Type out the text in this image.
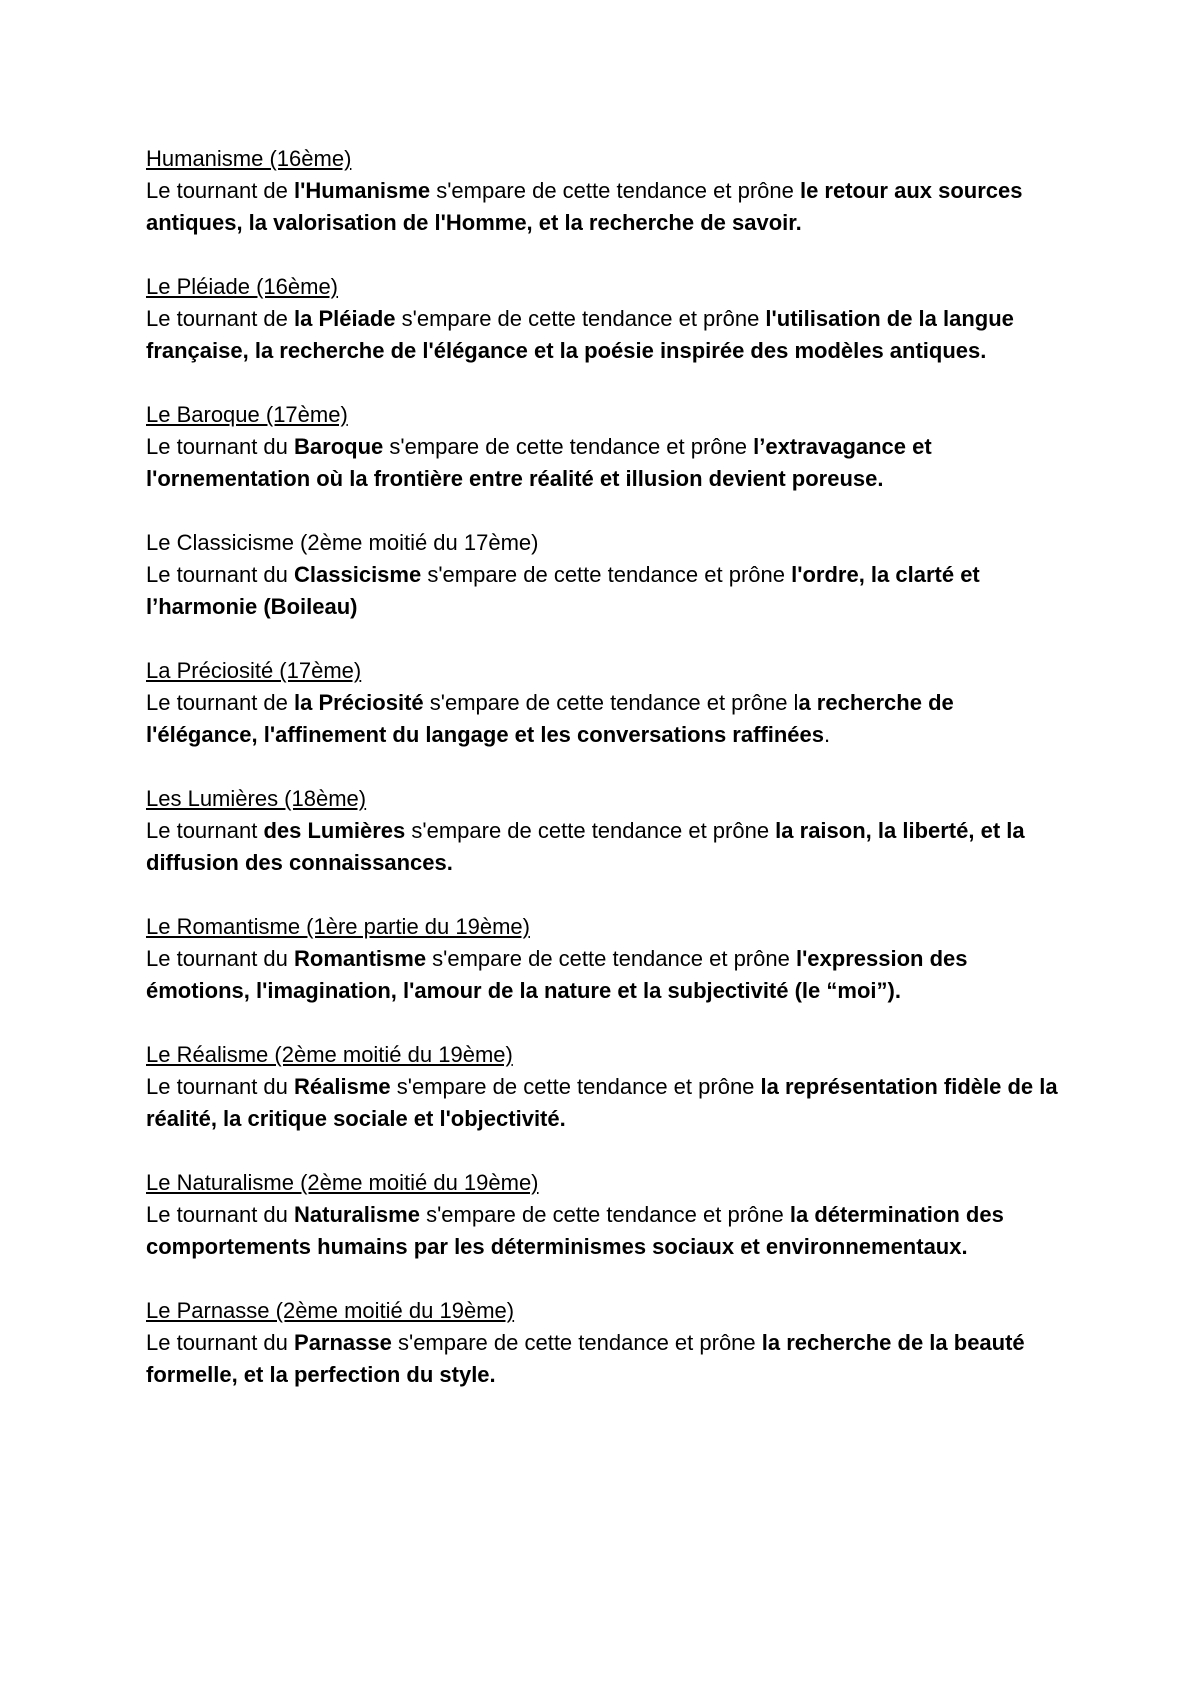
Humanisme (16ème)
Le tournant de l'Humanisme s'empare de cette tendance et prône le retour aux sources antiques, la valorisation de l'Homme, et la recherche de savoir.
Le Pléiade (16ème)
Le tournant de la Pléiade s'empare de cette tendance et prône l'utilisation de la langue française, la recherche de l'élégance et la poésie inspirée des modèles antiques.
Le Baroque (17ème)
Le tournant du Baroque s'empare de cette tendance et prône l’extravagance et l'ornementation où la frontière entre réalité et illusion devient poreuse.
Le Classicisme (2ème moitié du 17ème)
Le tournant du Classicisme s'empare de cette tendance et prône l'ordre, la clarté et l’harmonie (Boileau)
La Préciosité (17ème)
Le tournant de la Préciosité s'empare de cette tendance et prône la recherche de l'élégance, l'affinement du langage et les conversations raffinées.
Les Lumières (18ème)
Le tournant des Lumières s'empare de cette tendance et prône la raison, la liberté, et la diffusion des connaissances.
Le Romantisme (1ère partie du 19ème)
Le tournant du Romantisme s'empare de cette tendance et prône l'expression des émotions, l'imagination, l'amour de la nature et la subjectivité (le “moi”).
Le Réalisme (2ème moitié du 19ème)
Le tournant du Réalisme s'empare de cette tendance et prône la représentation fidèle de la réalité, la critique sociale et l'objectivité.
Le Naturalisme (2ème moitié du 19ème)
Le tournant du Naturalisme s'empare de cette tendance et prône la détermination des comportements humains par les déterminismes sociaux et environnementaux.
Le Parnasse (2ème moitié du 19ème)
Le tournant du Parnasse s'empare de cette tendance et prône la recherche de la beauté formelle, et la perfection du style.
